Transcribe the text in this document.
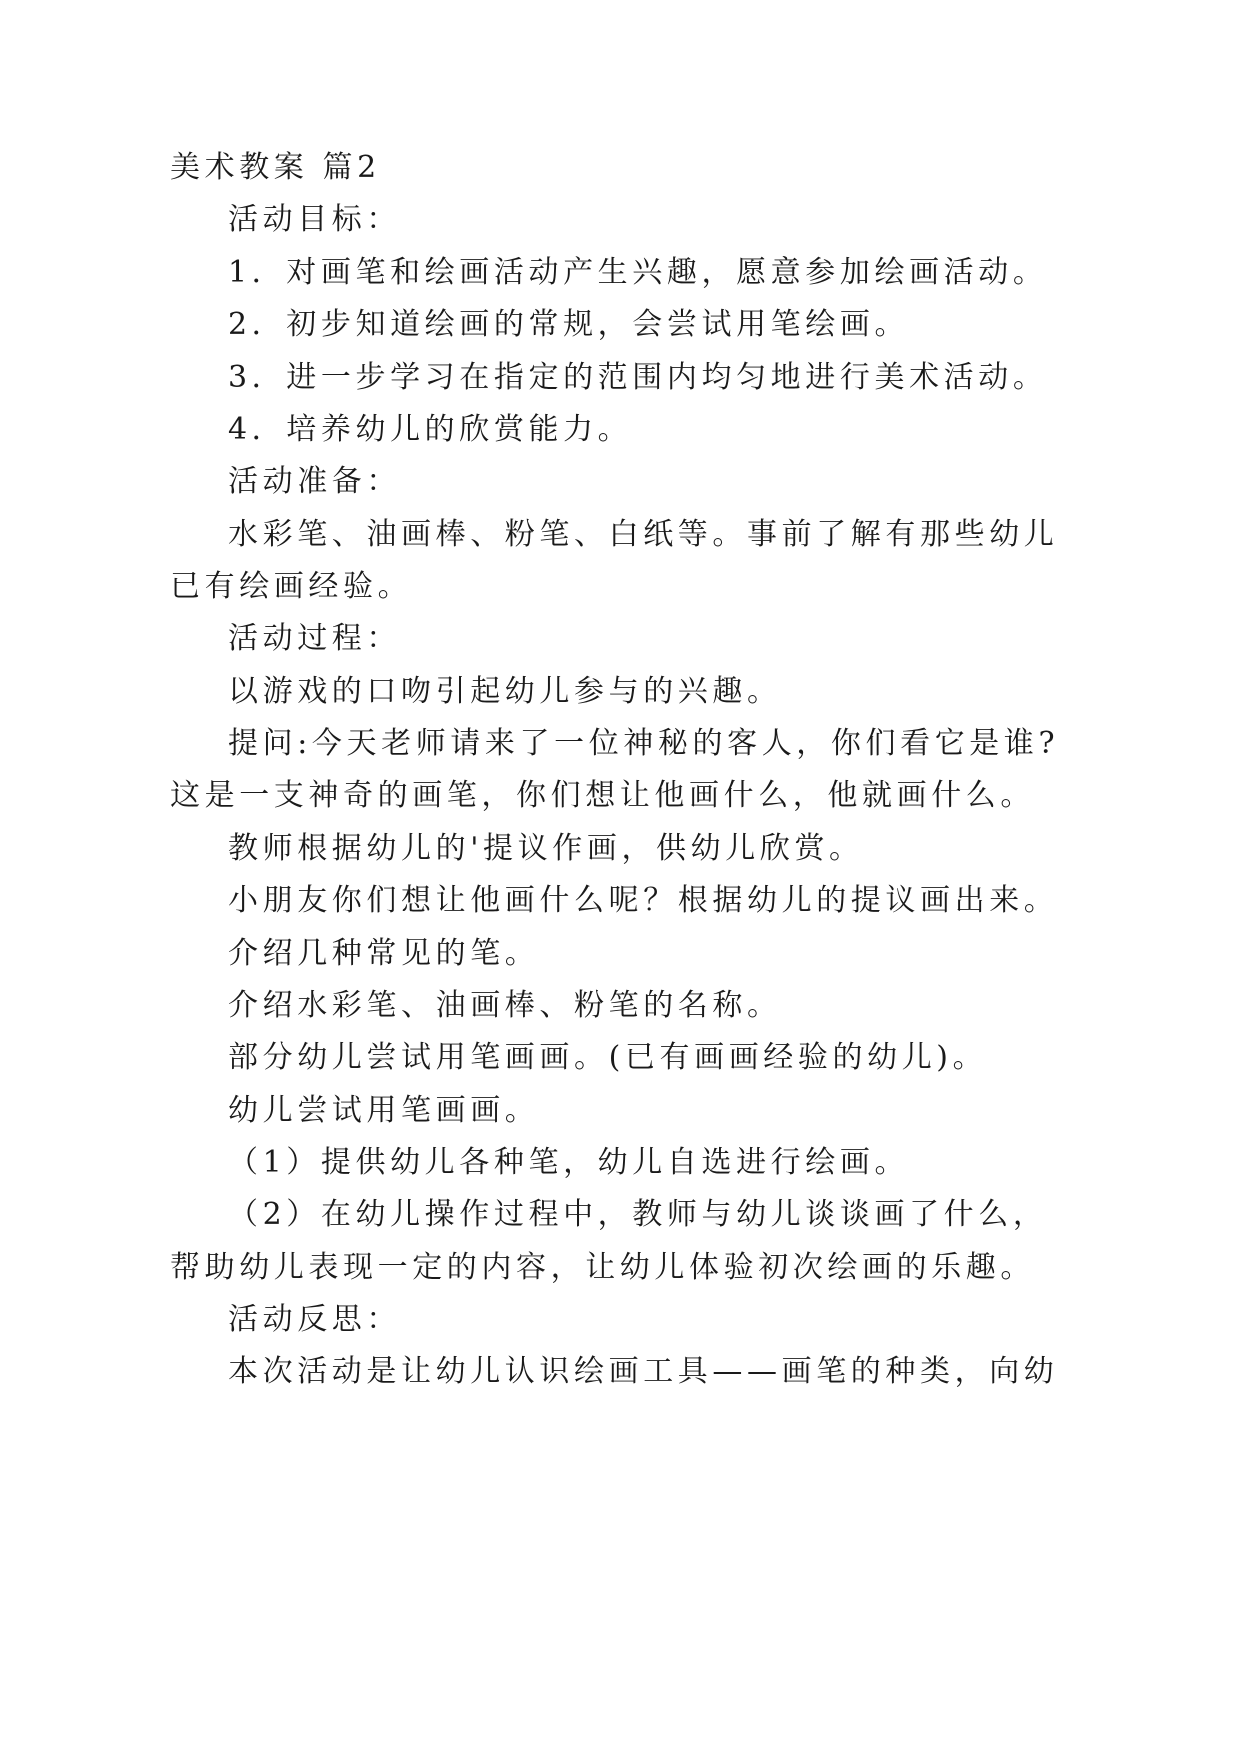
美术教案 篇2
活动目标：
1．对画笔和绘画活动产生兴趣，愿意参加绘画活动。
2．初步知道绘画的常规，会尝试用笔绘画。
3．进一步学习在指定的范围内均匀地进行美术活动。
4．培养幼儿的欣赏能力。
活动准备：
水彩笔、油画棒、粉笔、白纸等。事前了解有那些幼儿
已有绘画经验。
活动过程：
以游戏的口吻引起幼儿参与的兴趣。
提问:今天老师请来了一位神秘的客人，你们看它是谁?
这是一支神奇的画笔，你们想让他画什么，他就画什么。
教师根据幼儿的'提议作画，供幼儿欣赏。
小朋友你们想让他画什么呢？根据幼儿的提议画出来。
介绍几种常见的笔。
介绍水彩笔、油画棒、粉笔的名称。
部分幼儿尝试用笔画画。(已有画画经验的幼儿)。
幼儿尝试用笔画画。
（1）提供幼儿各种笔，幼儿自选进行绘画。
（2）在幼儿操作过程中，教师与幼儿谈谈画了什么，
帮助幼儿表现一定的内容，让幼儿体验初次绘画的乐趣。
活动反思：
本次活动是让幼儿认识绘画工具——画笔的种类，向幼
